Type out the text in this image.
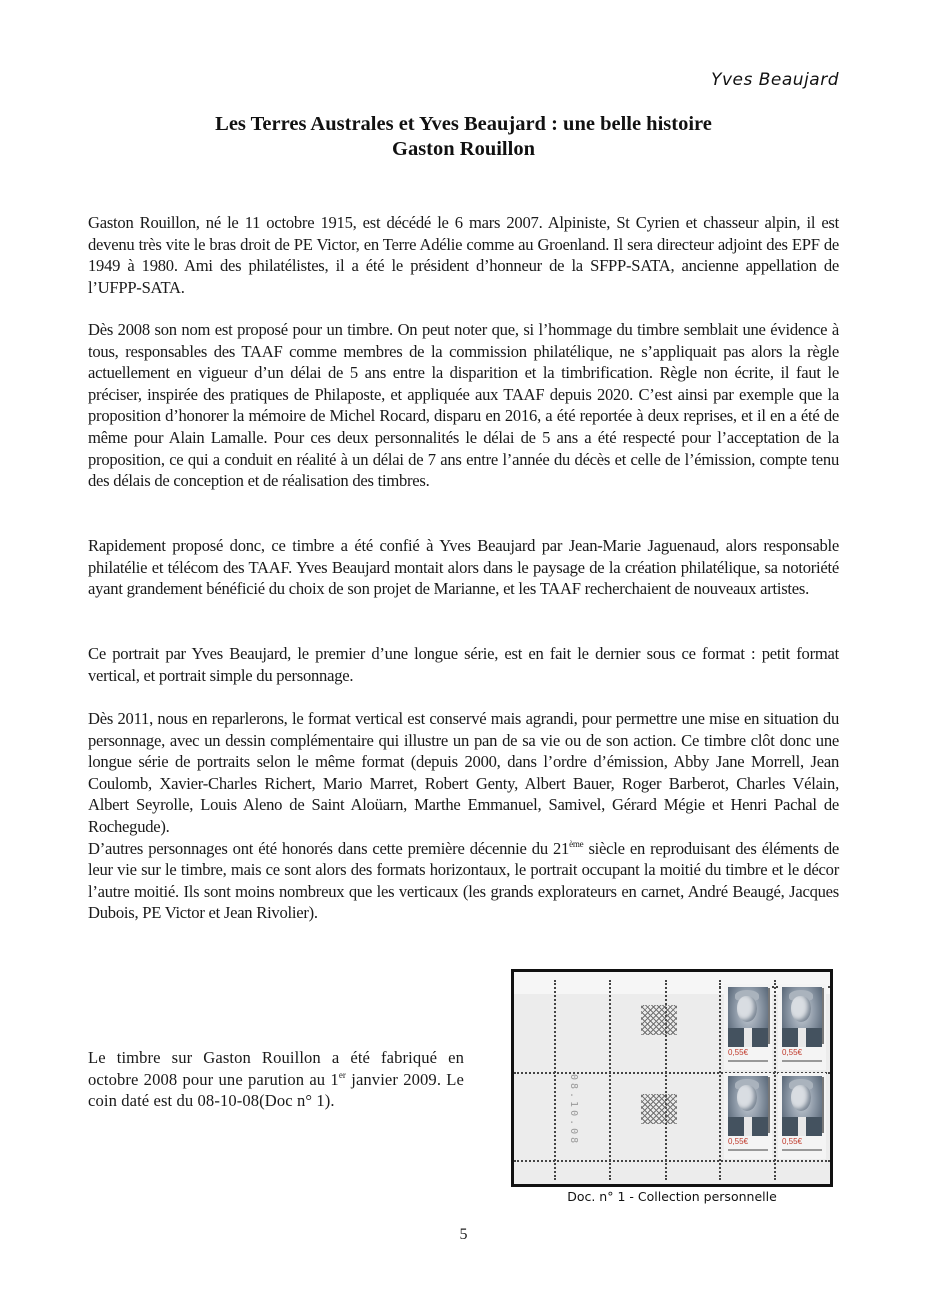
Yves Beaujard
Les Terres Australes et Yves Beaujard : une belle histoire
Gaston Rouillon

Gaston Rouillon, né le 11 octobre 1915, est décédé le 6 mars 2007. Alpiniste, St Cyrien et chasseur alpin, il est devenu très vite le bras droit de PE Victor, en Terre Adélie comme au Groenland. Il sera directeur adjoint des EPF de 1949 à 1980. Ami des philatélistes, il a été le président d’honneur de la SFPP-SATA, ancienne appellation de l’UFPP-SATA.

Dès 2008 son nom est proposé pour un timbre. On peut noter que, si l’hommage du timbre semblait une évidence à tous, responsables des TAAF comme membres de la commission philatélique, ne s’appliquait pas alors la règle actuellement en vigueur d’un délai de 5 ans entre la disparition et la timbrification. Règle non écrite, il faut le préciser, inspirée des pratiques de Philaposte, et appliquée aux TAAF depuis 2020. C’est ainsi par exemple que la proposition d’honorer la mémoire de Michel Rocard, disparu en 2016, a été reportée à deux reprises, et il en a été de même pour Alain Lamalle. Pour ces deux personnalités le délai de 5 ans a été respecté pour l’acceptation de la proposition, ce qui a conduit en réalité à un délai de 7 ans entre l’année du décès et celle de l’émission, compte tenu des délais de conception et de réalisation des timbres.

Rapidement proposé donc, ce timbre a été confié à Yves Beaujard par Jean-Marie Jaguenaud, alors responsable philatélie et télécom des TAAF. Yves Beaujard montait alors dans le paysage de la création philatélique, sa notoriété ayant grandement bénéficié du choix de son projet de Marianne, et les TAAF recherchaient de nouveaux artistes.

Ce portrait par Yves Beaujard, le premier d’une longue série, est en fait le dernier sous ce format : petit format vertical, et portrait simple du personnage.

Dès 2011, nous en reparlerons, le format vertical est conservé mais agrandi, pour permettre une mise en situation du personnage, avec un dessin complémentaire qui illustre un pan de sa vie ou de son action. Ce timbre clôt donc une longue série de portraits selon le même format (depuis 2000, dans l’ordre d’émission, Abby Jane Morrell, Jean Coulomb, Xavier-Charles Richert, Mario Marret, Robert Genty, Albert Bauer, Roger Barberot, Charles Vélain, Albert Seyrolle, Louis Aleno de Saint Aloüarn, Marthe Emmanuel, Samivel, Gérard Mégie et Henri Pachal de Rochegude).

D’autres personnages ont été honorés dans cette première décennie du 21ème siècle en reproduisant des éléments de leur vie sur le timbre, mais ce sont alors des formats horizontaux, le portrait occupant la moitié du timbre et le décor l’autre moitié. Ils sont moins nombreux que les verticaux (les grands explorateurs en carnet, André Beaugé, Jacques Dubois, PE Victor et Jean Rivolier).

Le timbre sur Gaston Rouillon a été fabriqué en octobre 2008 pour une parution au 1er janvier 2009. Le coin daté est du 08-10-08(Doc n° 1).
0,55€	0,55€
0,55€	0,55€
08.10.08
Doc. n° 1 - Collection personnelle
5
